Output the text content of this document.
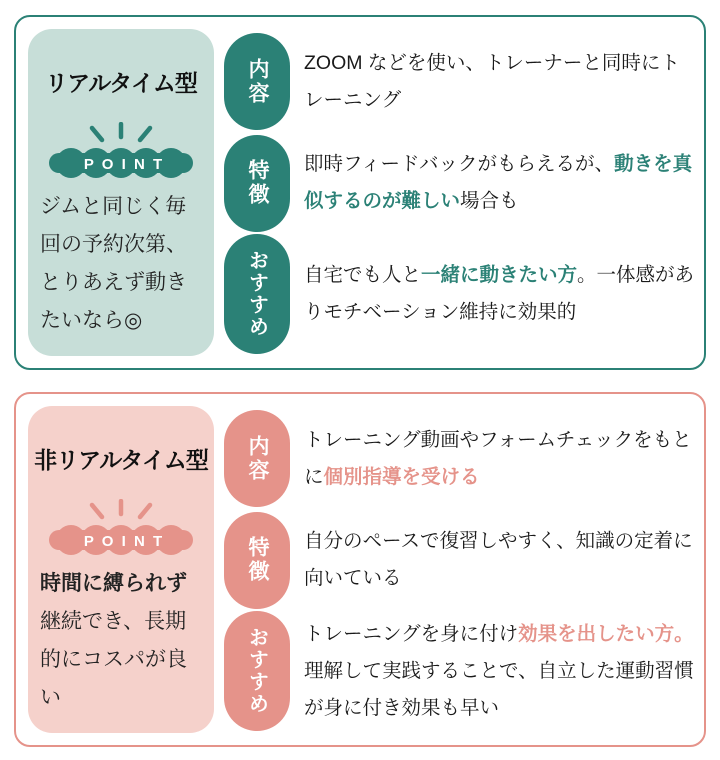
リアルタイム型
P O I N T

ジムと同じく毎回の予約次第、とりあえず動きたいなら◎

内容	ZOOM などを使い、トレーナーと同時にトレーニング

特徴	即時フィードバックがもらえるが、動きを真似するのが難しい場合も

おすすめ	自宅でも人と一緒に動きたい方。一体感がありモチベーション維持に効果的

非リアルタイム型
P O I N T

時間に縛られず継続でき、長期的にコスパが良い

内容	トレーニング動画やフォームチェックをもとに個別指導を受ける

特徴	自分のペースで復習しやすく、知識の定着に向いている

おすすめ	トレーニングを身に付け効果を出したい方。理解して実践することで、自立した運動習慣が身に付き効果も早い
